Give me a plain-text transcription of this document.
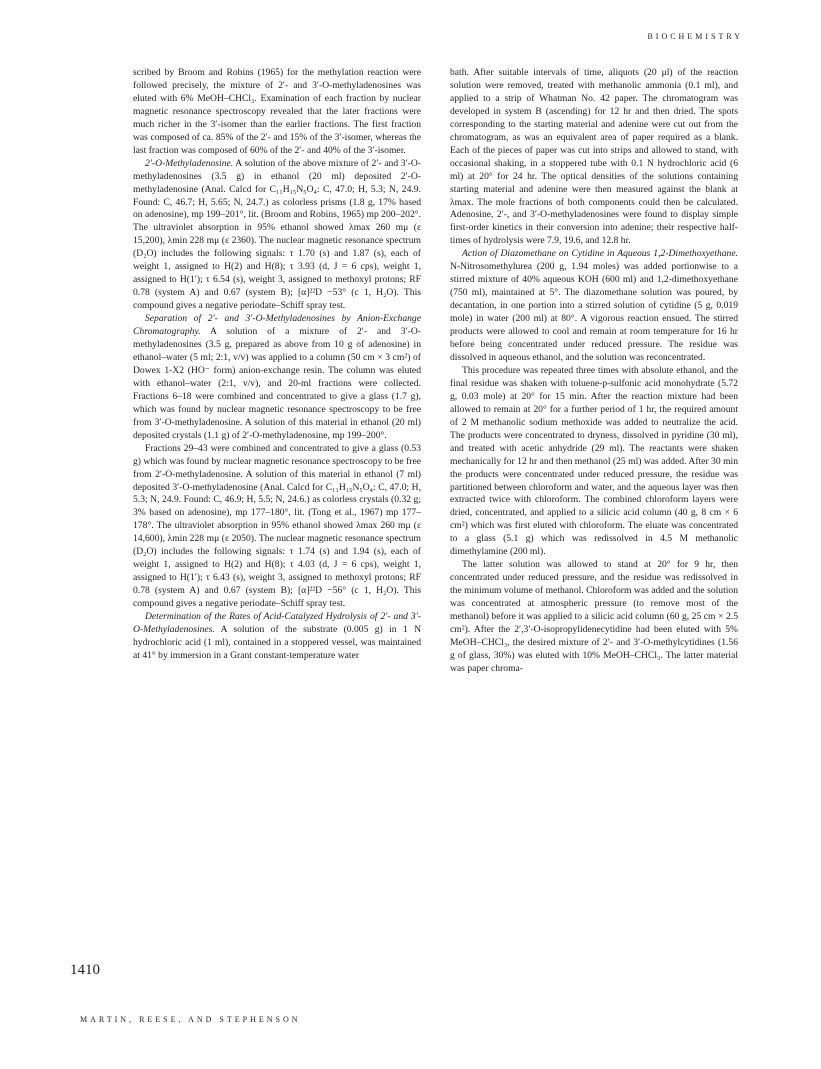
BIOCHEMISTRY

scribed by Broom and Robins (1965) for the methylation reaction were followed precisely, the mixture of 2′- and 3′-O-methyladenosines was eluted with 6% MeOH–CHCl₃. Examination of each fraction by nuclear magnetic resonance spectroscopy revealed that the later fractions were much richer in the 3′-isomer than the earlier fractions. The first fraction was composed of ca. 85% of the 2′- and 15% of the 3′-isomer, whereas the last fraction was composed of 60% of the 2′- and 40% of the 3′-isomer.

2′-O-Methyladenosine. A solution of the above mixture of 2′- and 3′-O-methyladenosines (3.5 g) in ethanol (20 ml) deposited 2′-O-methyladenosine (Anal. Calcd for C₁₁H₁₅N₅O₄: C, 47.0; H, 5.3; N, 24.9. Found: C, 46.7; H, 5.65; N, 24.7.) as colorless prisms (1.8 g, 17% based on adenosine), mp 199–201°, lit. (Broom and Robins, 1965) mp 200–202°. The ultraviolet absorption in 95% ethanol showed λmax 260 mμ (ε 15,200), λmin 228 mμ (ε 2360). The nuclear magnetic resonance spectrum (D₂O) includes the following signals: τ 1.70 (s) and 1.87 (s), each of weight 1, assigned to H(2) and H(8); τ 3.93 (d, J = 6 cps), weight 1, assigned to H(1′); τ 6.54 (s), weight 3, assigned to methoxyl protons; RF 0.78 (system A) and 0.67 (system B); [α]²²D −53° (c 1, H₂O). This compound gives a negative periodate–Schiff spray test.

Separation of 2′- and 3′-O-Methyladenosines by Anion-Exchange Chromatography. A solution of a mixture of 2′- and 3′-O-methyladenosines (3.5 g, prepared as above from 10 g of adenosine) in ethanol–water (5 ml; 2:1, v/v) was applied to a column (50 cm × 3 cm²) of Dowex 1-X2 (HO⁻ form) anion-exchange resin. The column was eluted with ethanol–water (2:1, v/v), and 20-ml fractions were collected. Fractions 6–18 were combined and concentrated to give a glass (1.7 g), which was found by nuclear magnetic resonance spectroscopy to be free from 3′-O-methyladenosine. A solution of this material in ethanol (20 ml) deposited crystals (1.1 g) of 2′-O-methyladenosine, mp 199–200°.

Fractions 29–43 were combined and concentrated to give a glass (0.53 g) which was found by nuclear magnetic resonance spectroscopy to be free from 2′-O-methyladenosine. A solution of this material in ethanol (7 ml) deposited 3′-O-methyladenosine (Anal. Calcd for C₁₁H₁₅N₅O₄: C, 47.0; H, 5.3; N, 24.9. Found: C, 46.9; H, 5.5; N, 24.6.) as colorless crystals (0.32 g; 3% based on adenosine), mp 177–180°, lit. (Tong et al., 1967) mp 177–178°. The ultraviolet absorption in 95% ethanol showed λmax 260 mμ (ε 14,600), λmin 228 mμ (ε 2050). The nuclear magnetic resonance spectrum (D₂O) includes the following signals: τ 1.74 (s) and 1.94 (s), each of weight 1, assigned to H(2) and H(8); τ 4.03 (d, J = 6 cps), weight 1, assigned to H(1′); τ 6.43 (s), weight 3, assigned to methoxyl protons; RF 0.78 (system A) and 0.67 (system B); [α]²²D −56° (c 1, H₂O). This compound gives a negative periodate–Schiff spray test.

Determination of the Rates of Acid-Catalyzed Hydrolysis of 2′- and 3′-O-Methyladenosines. A solution of the substrate (0.005 g) in 1 N hydrochloric acid (1 ml), contained in a stoppered vessel, was maintained at 41° by immersion in a Grant constant-temperature water

bath. After suitable intervals of time, aliquots (20 μl) of the reaction solution were removed, treated with methanolic ammonia (0.1 ml), and applied to a strip of Whatman No. 42 paper. The chromatogram was developed in system B (ascending) for 12 hr and then dried. The spots corresponding to the starting material and adenine were cut out from the chromatogram, as was an equivalent area of paper required as a blank. Each of the pieces of paper was cut into strips and allowed to stand, with occasional shaking, in a stoppered tube with 0.1 N hydrochloric acid (6 ml) at 20° for 24 hr. The optical densities of the solutions containing starting material and adenine were then measured against the blank at λmax. The mole fractions of both components could then be calculated. Adenosine, 2′-, and 3′-O-methyladenosines were found to display simple first-order kinetics in their conversion into adenine; their respective half-times of hydrolysis were 7.9, 19.6, and 12.8 hr.

Action of Diazomethane on Cytidine in Aqueous 1,2-Dimethoxyethane. N-Nitrosomethylurea (200 g, 1.94 moles) was added portionwise to a stirred mixture of 40% aqueous KOH (600 ml) and 1,2-dimethoxyethane (750 ml), maintained at 5°. The diazomethane solution was poured, by decantation, in one portion into a stirred solution of cytidine (5 g, 0.019 mole) in water (200 ml) at 80°. A vigorous reaction ensued. The stirred products were allowed to cool and remain at room temperature for 16 hr before being concentrated under reduced pressure. The residue was dissolved in aqueous ethanol, and the solution was reconcentrated.

This procedure was repeated three times with absolute ethanol, and the final residue was shaken with toluene-p-sulfonic acid monohydrate (5.72 g, 0.03 mole) at 20° for 15 min. After the reaction mixture had been allowed to remain at 20° for a further period of 1 hr, the required amount of 2 M methanolic sodium methoxide was added to neutralize the acid. The products were concentrated to dryness, dissolved in pyridine (30 ml), and treated with acetic anhydride (29 ml). The reactants were shaken mechanically for 12 hr and then methanol (25 ml) was added. After 30 min the products were concentrated under reduced pressure, the residue was partitioned between chloroform and water, and the aqueous layer was then extracted twice with chloroform. The combined chloroform layers were dried, concentrated, and applied to a silicic acid column (40 g, 8 cm × 6 cm²) which was first eluted with chloroform. The eluate was concentrated to a glass (5.1 g) which was redissolved in 4.5 M methanolic dimethylamine (200 ml).

The latter solution was allowed to stand at 20° for 9 hr, then concentrated under reduced pressure, and the residue was redissolved in the minimum volume of methanol. Chloroform was added and the solution was concentrated at atmospheric pressure (to remove most of the methanol) before it was applied to a silicic acid column (60 g, 25 cm × 2.5 cm²). After the 2′,3′-O-isopropylidenecytidine had been eluted with 5% MeOH–CHCl₃, the desired mixture of 2′- and 3′-O-methylcytidines (1.56 g of glass, 30%) was eluted with 10% MeOH–CHCl₃. The latter material was paper chroma-

1410
MARTIN, REESE, AND STEPHENSON
